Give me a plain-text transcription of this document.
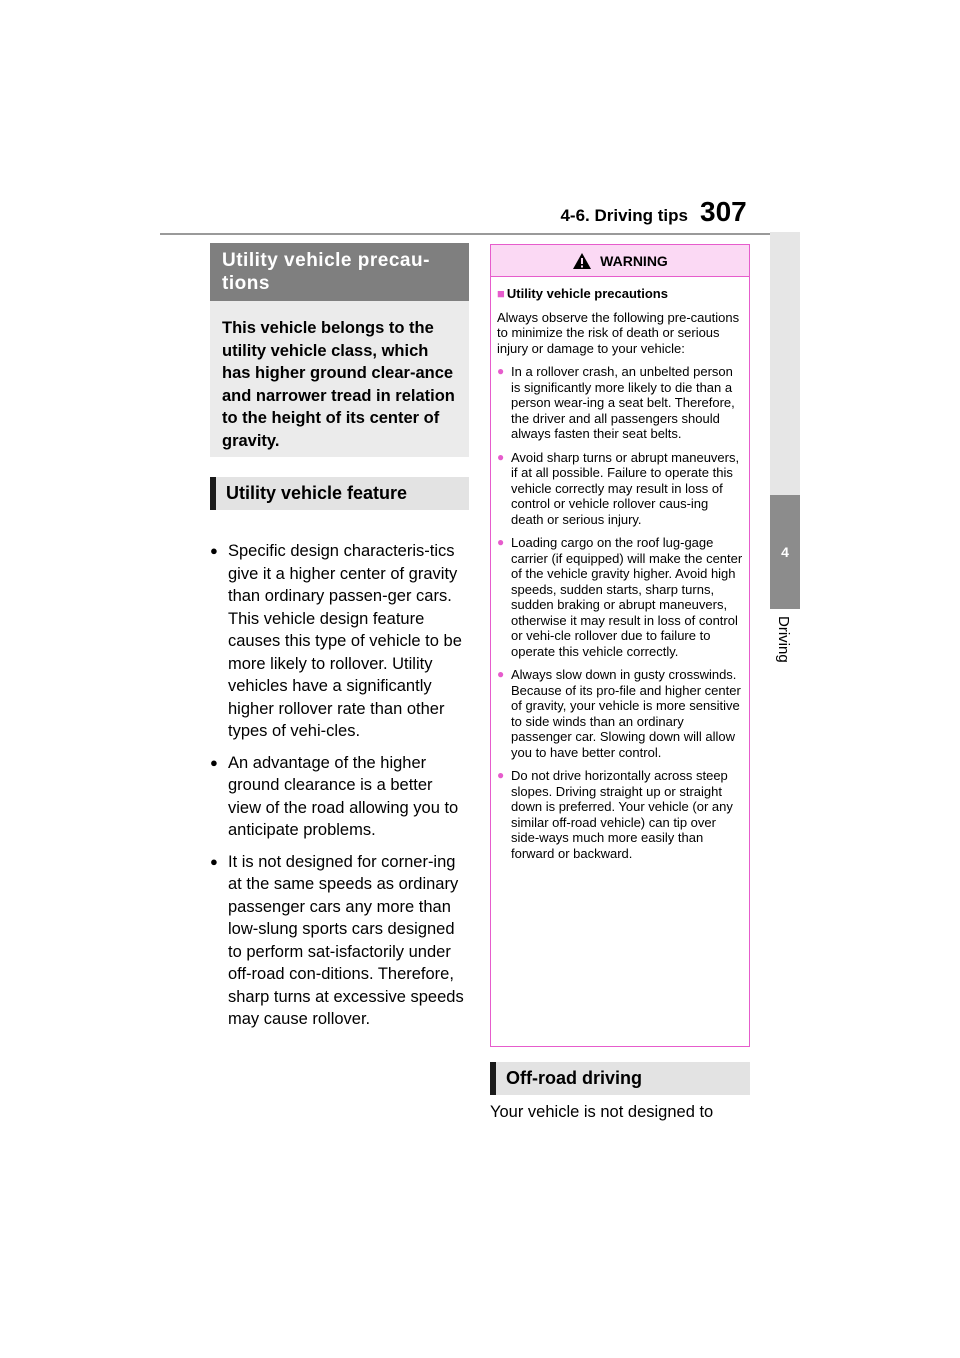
4-6. Driving tips 307
4
Driving
Utility vehicle precau-tions
This vehicle belongs to the utility vehicle class, which has higher ground clear-ance and narrower tread in relation to the height of its center of gravity.
Utility vehicle feature
● Specific design characteris-tics give it a higher center of gravity than ordinary passen-ger cars. This vehicle design feature causes this type of vehicle to be more likely to rollover. Utility vehicles have a significantly higher rollover rate than other types of vehi-cles.
● An advantage of the higher ground clearance is a better view of the road allowing you to anticipate problems.
● It is not designed for corner-ing at the same speeds as ordinary passenger cars any more than low-slung sports cars designed to perform sat-isfactorily under off-road con-ditions. Therefore, sharp turns at excessive speeds may cause rollover.
WARNING
■ Utility vehicle precautions
Always observe the following pre-cautions to minimize the risk of death or serious injury or damage to your vehicle:
● In a rollover crash, an unbelted person is significantly more likely to die than a person wear-ing a seat belt. Therefore, the driver and all passengers should always fasten their seat belts.
● Avoid sharp turns or abrupt maneuvers, if at all possible. Failure to operate this vehicle correctly may result in loss of control or vehicle rollover caus-ing death or serious injury.
● Loading cargo on the roof lug-gage carrier (if equipped) will make the center of the vehicle gravity higher. Avoid high speeds, sudden starts, sharp turns, sudden braking or abrupt maneuvers, otherwise it may result in loss of control or vehi-cle rollover due to failure to operate this vehicle correctly.
● Always slow down in gusty crosswinds. Because of its pro-file and higher center of gravity, your vehicle is more sensitive to side winds than an ordinary passenger car. Slowing down will allow you to have better control.
● Do not drive horizontally across steep slopes. Driving straight up or straight down is preferred. Your vehicle (or any similar off-road vehicle) can tip over side-ways much more easily than forward or backward.
Off-road driving
Your vehicle is not designed to
